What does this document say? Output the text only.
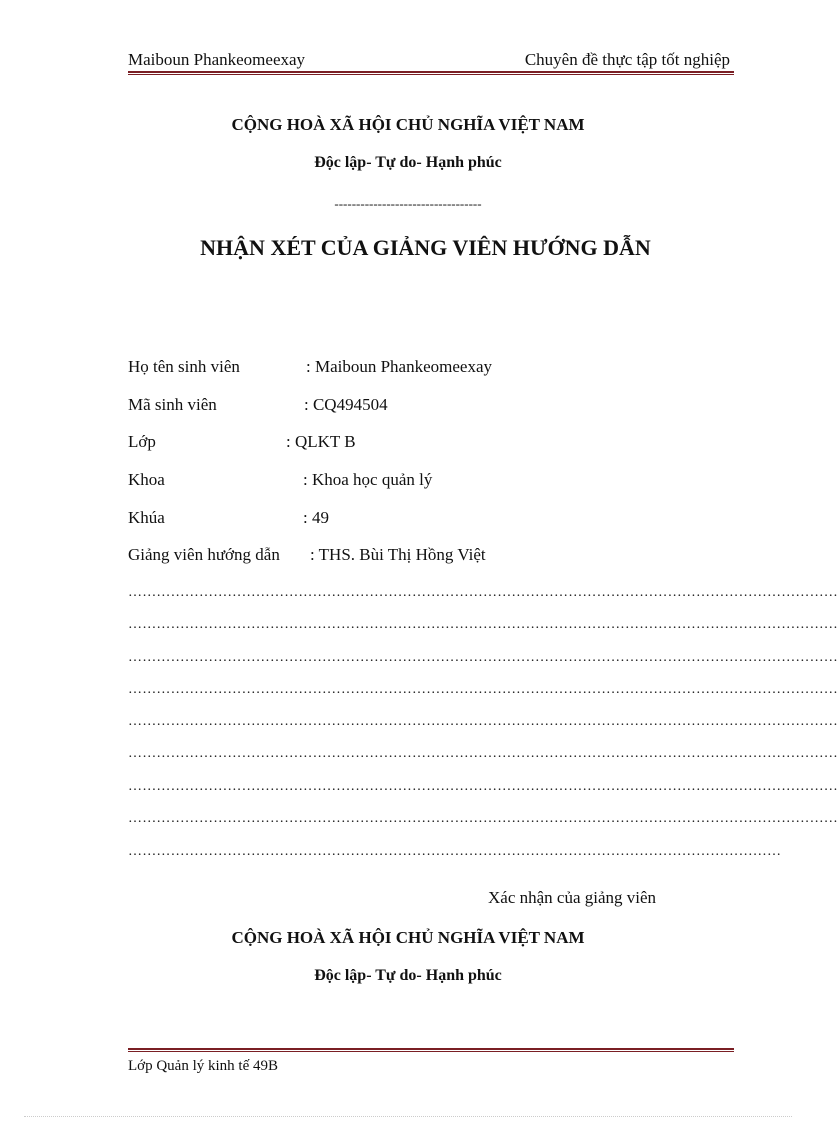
Maiboun Phankeomeexay	Chuyên đề thực tập tốt nghiệp
CỘNG HOÀ XÃ HỘI CHỦ NGHĨA VIỆT NAM
Độc lập- Tự do- Hạnh phúc
----------------------------------
NHẬN XÉT CỦA GIẢNG VIÊN HƯỚNG DẪN
Họ tên sinh viên	: Maiboun Phankeomeexay
Mã sinh viên	: CQ494504
Lớp	: QLKT B
Khoa	: Khoa học quản lý
Khúa	: 49
Giảng viên hướng dẫn : THS. Bùi Thị Hồng Việt
……………………………………………………………………………………………………………………………………
……………………………………………………………………………………………………………………………………
……………………………………………………………………………………………………………………………………
……………………………………………………………………………………………………………………………………
……………………………………………………………………………………………………………………………………
……………………………………………………………………………………………………………………………………
……………………………………………………………………………………………………………………………………
……………………………………………………………………………………………………………………………………
…………………………………………………………………………………………………………………………
Xác nhận của giảng viên
CỘNG HOÀ XÃ HỘI CHỦ NGHĨA VIỆT NAM
Độc lập- Tự do- Hạnh phúc
Lớp Quản lý kinh tế 49B
